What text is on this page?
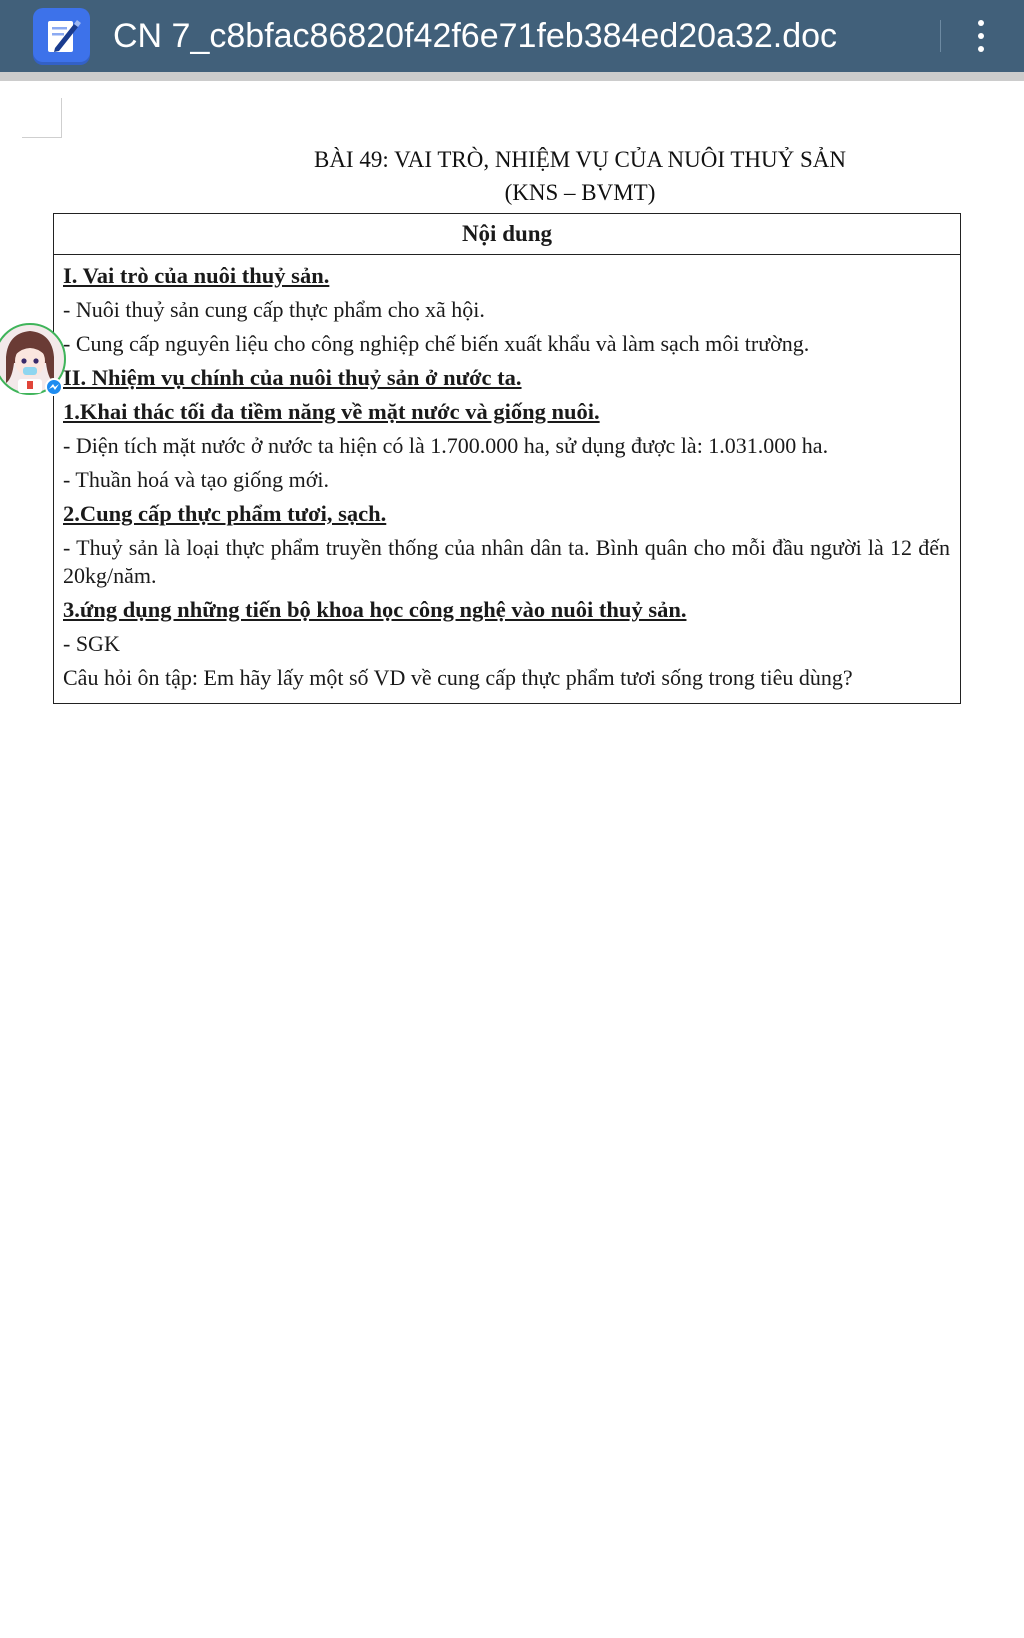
CN 7_c8bfac86820f42f6e71feb384ed20a32.doc
BÀI 49: VAI TRÒ, NHIỆM VỤ CỦA NUÔI THUỶ SẢN
(KNS – BVMT)
Nội dung
I. Vai trò của nuôi thuỷ sản.
- Nuôi thuỷ sản cung cấp thực phẩm cho xã hội.
- Cung cấp nguyên liệu cho công nghiệp chế biến xuất khẩu và làm sạch môi trường.
II. Nhiệm vụ chính của nuôi thuỷ sản ở nước ta.
1.Khai thác tối đa tiềm năng về mặt nước và giống nuôi.
- Diện tích mặt nước ở nước ta hiện có là 1.700.000 ha, sử dụng được là: 1.031.000 ha.
- Thuần hoá và tạo giống mới.
2.Cung cấp thực phẩm tươi, sạch.
- Thuỷ sản là loại thực phẩm truyền thống của nhân dân ta. Bình quân cho mỗi đầu người là 12 đến 20kg/năm.
3.ứng dụng những tiến bộ khoa học công nghệ vào nuôi thuỷ sản.
- SGK
Câu hỏi ôn tập: Em hãy lấy một số VD về cung cấp thực phẩm tươi sống trong tiêu dùng?
